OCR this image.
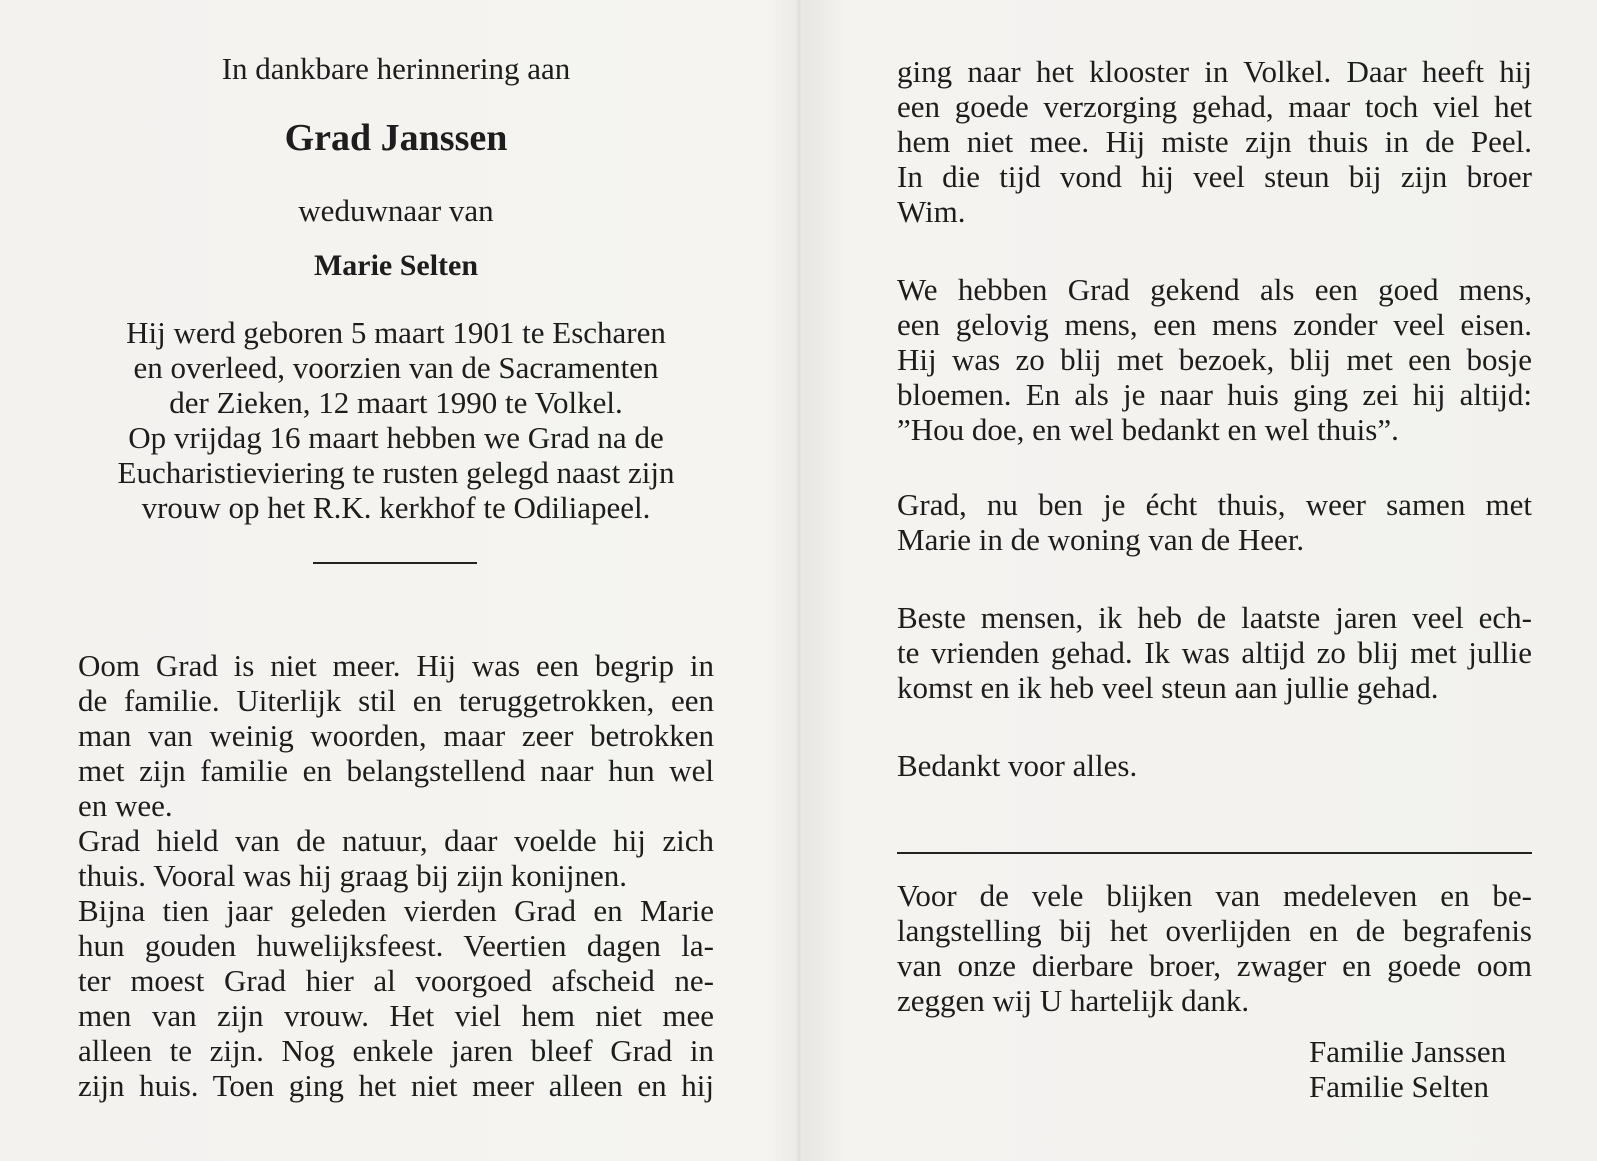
In dankbare herinnering aan
Grad Janssen
weduwnaar van
Marie Selten
Hij werd geboren 5 maart 1901 te Escharen
en overleed, voorzien van de Sacramenten
der Zieken, 12 maart 1990 te Volkel.
Op vrijdag 16 maart hebben we Grad na de
Eucharistieviering te rusten gelegd naast zijn
vrouw op het R.K. kerkhof te Odiliapeel.
Oom Grad is niet meer. Hij was een begrip in
de familie. Uiterlijk stil en teruggetrokken, een
man van weinig woorden, maar zeer betrokken
met zijn familie en belangstellend naar hun wel
en wee.
Grad hield van de natuur, daar voelde hij zich
thuis. Vooral was hij graag bij zijn konijnen.
Bijna tien jaar geleden vierden Grad en Marie
hun gouden huwelijksfeest. Veertien dagen la-
ter moest Grad hier al voorgoed afscheid ne-
men van zijn vrouw. Het viel hem niet mee
alleen te zijn. Nog enkele jaren bleef Grad in
zijn huis. Toen ging het niet meer alleen en hij
ging naar het klooster in Volkel. Daar heeft hij
een goede verzorging gehad, maar toch viel het
hem niet mee. Hij miste zijn thuis in de Peel.
In die tijd vond hij veel steun bij zijn broer
Wim.
We hebben Grad gekend als een goed mens,
een gelovig mens, een mens zonder veel eisen.
Hij was zo blij met bezoek, blij met een bosje
bloemen. En als je naar huis ging zei hij altijd:
”Hou doe, en wel bedankt en wel thuis”.
Grad, nu ben je écht thuis, weer samen met
Marie in de woning van de Heer.
Beste mensen, ik heb de laatste jaren veel ech-
te vrienden gehad. Ik was altijd zo blij met jullie
komst en ik heb veel steun aan jullie gehad.
Bedankt voor alles.
Voor de vele blijken van medeleven en be-
langstelling bij het overlijden en de begrafenis
van onze dierbare broer, zwager en goede oom
zeggen wij U hartelijk dank.
Familie Janssen
Familie Selten
